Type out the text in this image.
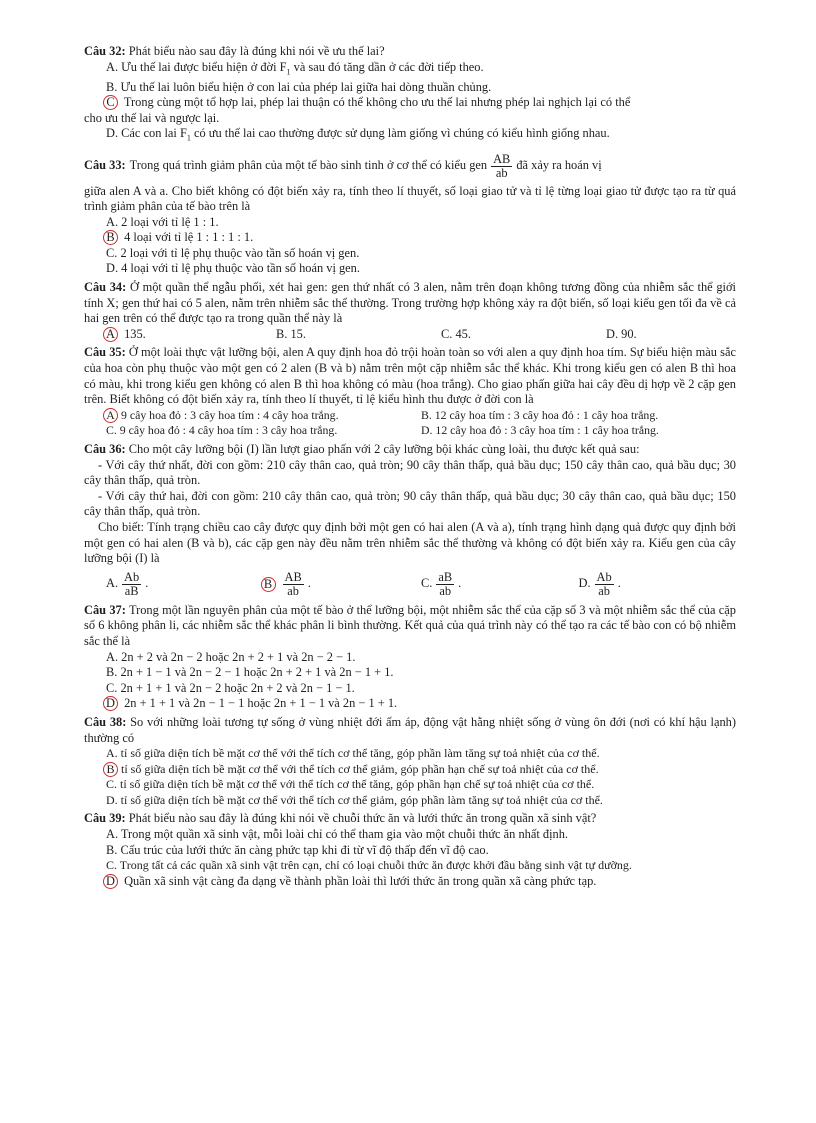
Câu 32: Phát biểu nào sau đây là đúng khi nói về ưu thế lai?
A. Ưu thế lai được biểu hiện ở đời $F_1$ và sau đó tăng dần ở các đời tiếp theo.
B. Ưu thế lai luôn biểu hiện ở con lai của phép lai giữa hai dòng thuần chủng.
C Trong cùng một tổ hợp lai, phép lai thuận có thể không cho ưu thế lai nhưng phép lai nghịch lại có thể
cho ưu thế lai và ngược lại.
D. Các con lai $F_1$ có ưu thế lai cao thường được sử dụng làm giống vì chúng có kiểu hình giống nhau.
Câu 33: Trong quá trình giảm phân của một tế bào sinh tinh ở cơ thể có kiểu gen $\frac{AB}{ab}$ đã xảy ra hoán vị
giữa alen A và a. Cho biết không có đột biến xảy ra, tính theo lí thuyết, số loại giao tử và tỉ lệ từng loại giao tử được tạo ra từ quá trình giảm phân của tế bào trên là
A. 2 loại với tỉ lệ 1 : 1.
B 4 loại với tỉ lệ 1 : 1 : 1 : 1.
C. 2 loại với tỉ lệ phụ thuộc vào tần số hoán vị gen.
D. 4 loại với tỉ lệ phụ thuộc vào tần số hoán vị gen.
Câu 34: Ở một quần thể ngẫu phối, xét hai gen: gen thứ nhất có 3 alen, nằm trên đoạn không tương đồng của nhiễm sắc thể giới tính X; gen thứ hai có 5 alen, nằm trên nhiễm sắc thể thường. Trong trường hợp không xảy ra đột biến, số loại kiểu gen tối đa về cả hai gen trên có thể được tạo ra trong quần thể này là
A 135.	B. 15.	C. 45.	D. 90.
Câu 35: Ở một loài thực vật lưỡng bội, alen A quy định hoa đỏ trội hoàn toàn so với alen a quy định hoa tím. Sự biểu hiện màu sắc của hoa còn phụ thuộc vào một gen có 2 alen (B và b) nằm trên một cặp nhiễm sắc thể khác. Khi trong kiểu gen có alen B thì hoa có màu, khi trong kiểu gen không có alen B thì hoa không có màu (hoa trắng). Cho giao phấn giữa hai cây đều dị hợp về 2 cặp gen trên. Biết không có đột biến xảy ra, tính theo lí thuyết, tỉ lệ kiểu hình thu được ở đời con là
A 9 cây hoa đỏ : 3 cây hoa tím : 4 cây hoa trắng.	B. 12 cây hoa tím : 3 cây hoa đỏ : 1 cây hoa trắng.
C. 9 cây hoa đỏ : 4 cây hoa tím : 3 cây hoa trắng.	D. 12 cây hoa đỏ : 3 cây hoa tím : 1 cây hoa trắng.
Câu 36: Cho một cây lưỡng bội (I) lần lượt giao phấn với 2 cây lưỡng bội khác cùng loài, thu được kết quả sau:
- Với cây thứ nhất, đời con gồm: 210 cây thân cao, quả tròn; 90 cây thân thấp, quả bầu dục; 150 cây thân cao, quả bầu dục; 30 cây thân thấp, quả tròn.
- Với cây thứ hai, đời con gồm: 210 cây thân cao, quả tròn; 90 cây thân thấp, quả bầu dục; 30 cây thân cao, quả bầu dục; 150 cây thân thấp, quả tròn.
Cho biết: Tính trạng chiều cao cây được quy định bởi một gen có hai alen (A và a), tính trạng hình dạng quả được quy định bởi một gen có hai alen (B và b), các cặp gen này đều nằm trên nhiễm sắc thể thường và không có đột biến xảy ra. Kiểu gen của cây lưỡng bội (I) là
A. $\frac{Ab}{aB}$ .	B $\frac{AB}{ab}$ .	C. $\frac{aB}{ab}$ .	D. $\frac{Ab}{ab}$ .
Câu 37: Trong một lần nguyên phân của một tế bào ở thể lưỡng bội, một nhiễm sắc thể của cặp số 3 và một nhiễm sắc thể của cặp số 6 không phân li, các nhiễm sắc thể khác phân li bình thường. Kết quả của quá trình này có thể tạo ra các tế bào con có bộ nhiễm sắc thể là
A. 2n + 2 và 2n − 2 hoặc 2n + 2 + 1 và 2n − 2 − 1.
B. 2n + 1 − 1 và 2n − 2 − 1 hoặc 2n + 2 + 1 và 2n − 1 + 1.
C. 2n + 1 + 1 và 2n − 2 hoặc 2n + 2 và 2n − 1 − 1.
D 2n + 1 + 1 và 2n − 1 − 1 hoặc 2n + 1 − 1 và 2n − 1 + 1.
Câu 38: So với những loài tương tự sống ở vùng nhiệt đới ấm áp, động vật hằng nhiệt sống ở vùng ôn đới (nơi có khí hậu lạnh) thường có
A. tỉ số giữa diện tích bề mặt cơ thể với thể tích cơ thể tăng, góp phần làm tăng sự toả nhiệt của cơ thể.
B tỉ số giữa diện tích bề mặt cơ thể với thể tích cơ thể giảm, góp phần hạn chế sự toả nhiệt của cơ thể.
C. tỉ số giữa diện tích bề mặt cơ thể với thể tích cơ thể tăng, góp phần hạn chế sự toả nhiệt của cơ thể.
D. tỉ số giữa diện tích bề mặt cơ thể với thể tích cơ thể giảm, góp phần làm tăng sự toả nhiệt của cơ thể.
Câu 39: Phát biểu nào sau đây là đúng khi nói về chuỗi thức ăn và lưới thức ăn trong quần xã sinh vật?
A. Trong một quần xã sinh vật, mỗi loài chỉ có thể tham gia vào một chuỗi thức ăn nhất định.
B. Cấu trúc của lưới thức ăn càng phức tạp khi đi từ vĩ độ thấp đến vĩ độ cao.
C. Trong tất cả các quần xã sinh vật trên cạn, chỉ có loại chuỗi thức ăn được khởi đầu bằng sinh vật tự dưỡng.
D Quần xã sinh vật càng đa dạng về thành phần loài thì lưới thức ăn trong quần xã càng phức tạp.
